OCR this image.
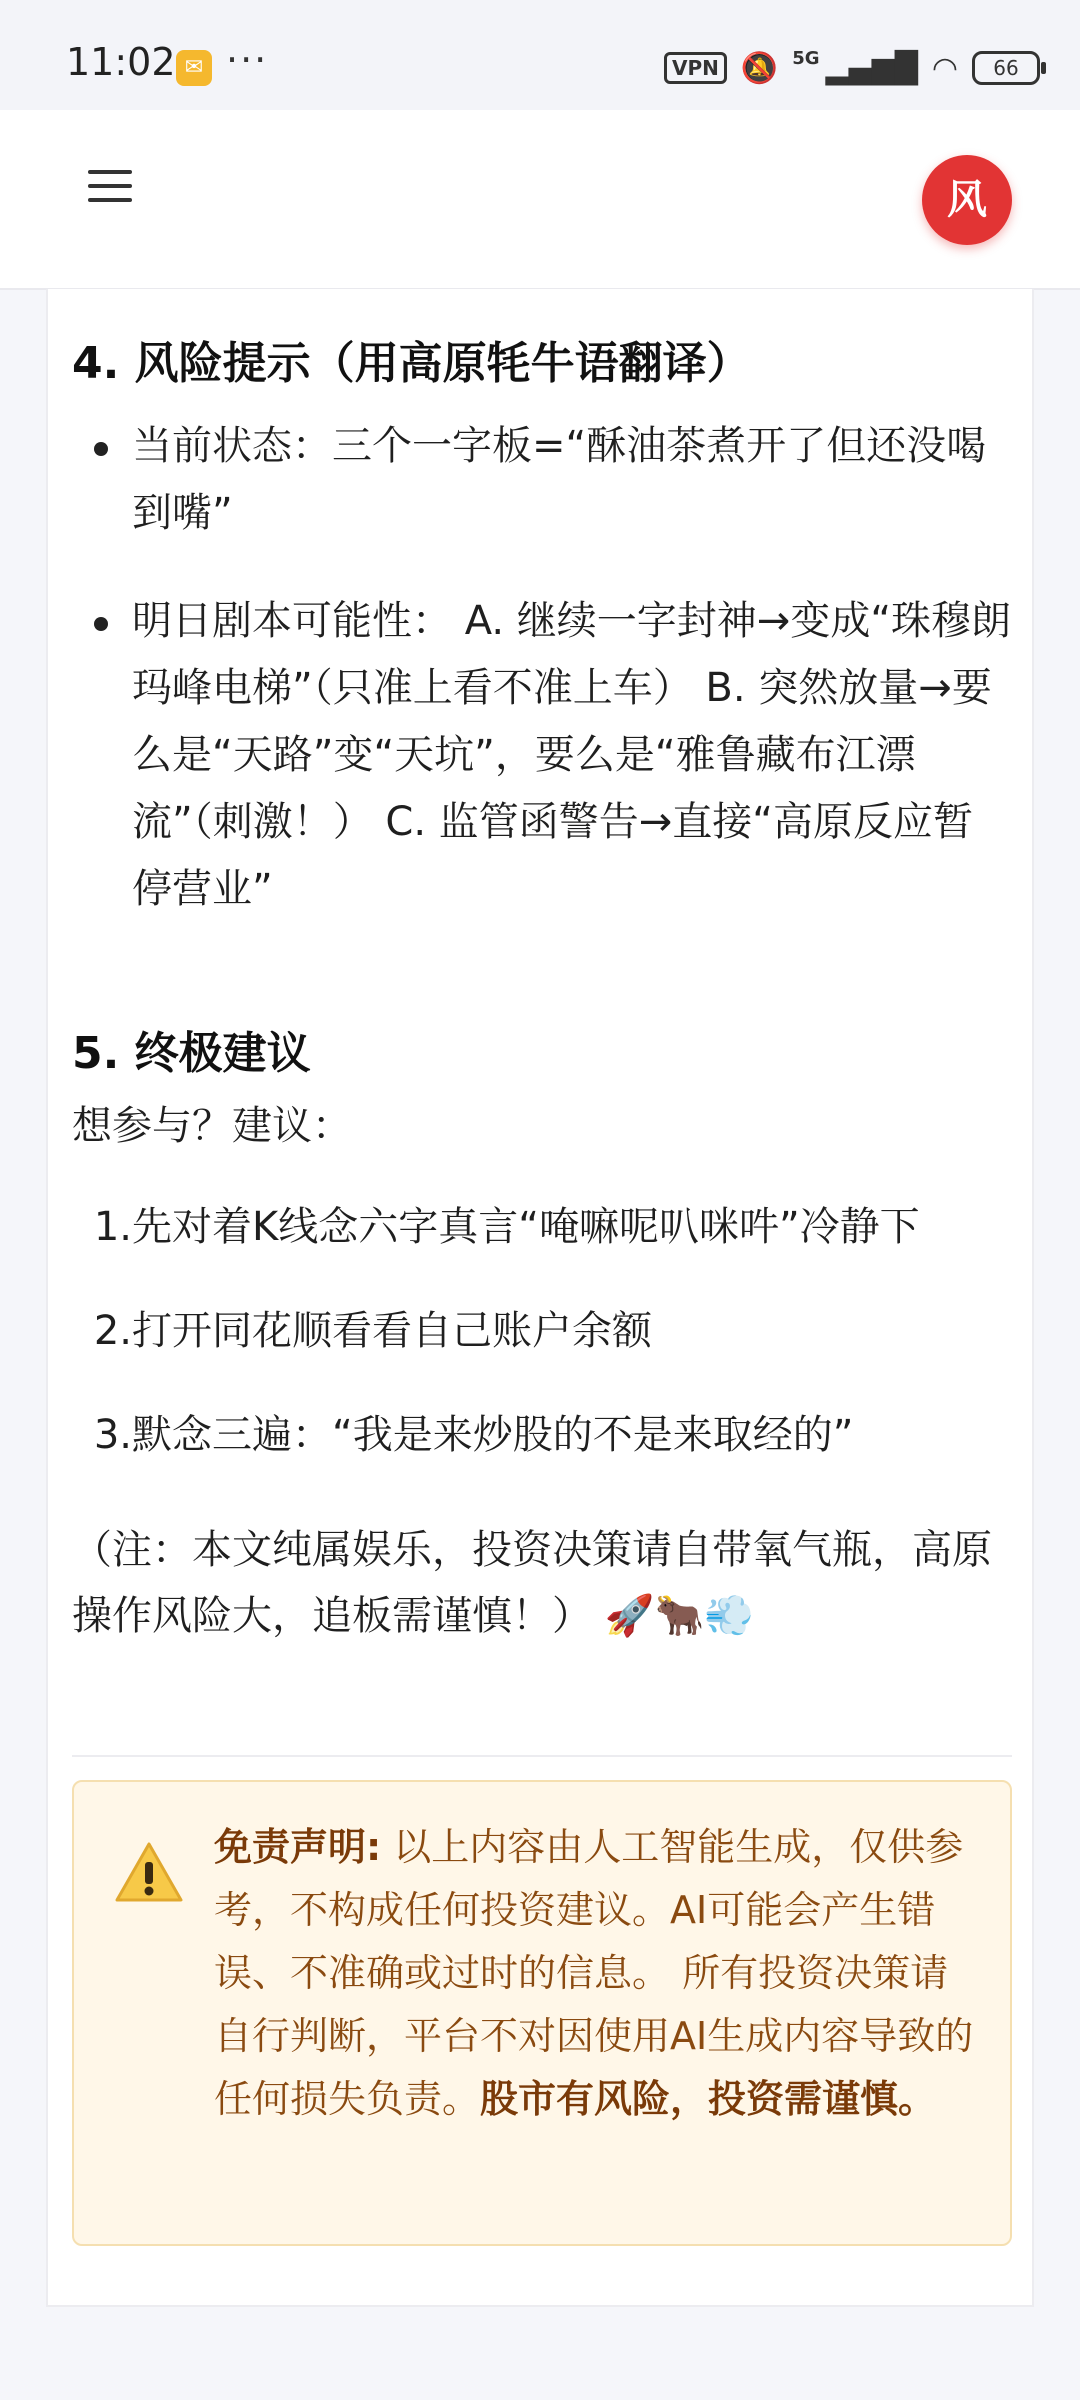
11:02 ✉ ···	VPN 🔕 5G ▂▄▆█ ◠	66
风
4. 风险提示（用高原牦牛语翻译）
当前状态：三个一字板=“酥油茶煮开了但还没喝到嘴”
明日剧本可能性： A. 继续一字封神→变成“珠穆朗玛峰电梯”（只准上看不准上车） B. 突然放量→要么是“天路”变“天坑”，要么是“雅鲁藏布江漂流”（刺激！） C. 监管函警告→直接“高原反应暂停营业”
5. 终极建议

想参与？建议：

1.先对着K线念六字真言“唵嘛呢叭咪吽”冷静下
2.打开同花顺看看自己账户余额
3.默念三遍：“我是来炒股的不是来取经的”

（注：本文纯属娱乐，投资决策请自带氧气瓶，高原操作风险大，追板需谨慎！） 🚀🐂💨

免责声明: 以上内容由人工智能生成，仅供参考，不构成任何投资建议。AI可能会产生错误、不准确或过时的信息。 所有投资决策请自行判断，平台不对因使用AI生成内容导致的任何损失负责。股市有风险，投资需谨慎。
